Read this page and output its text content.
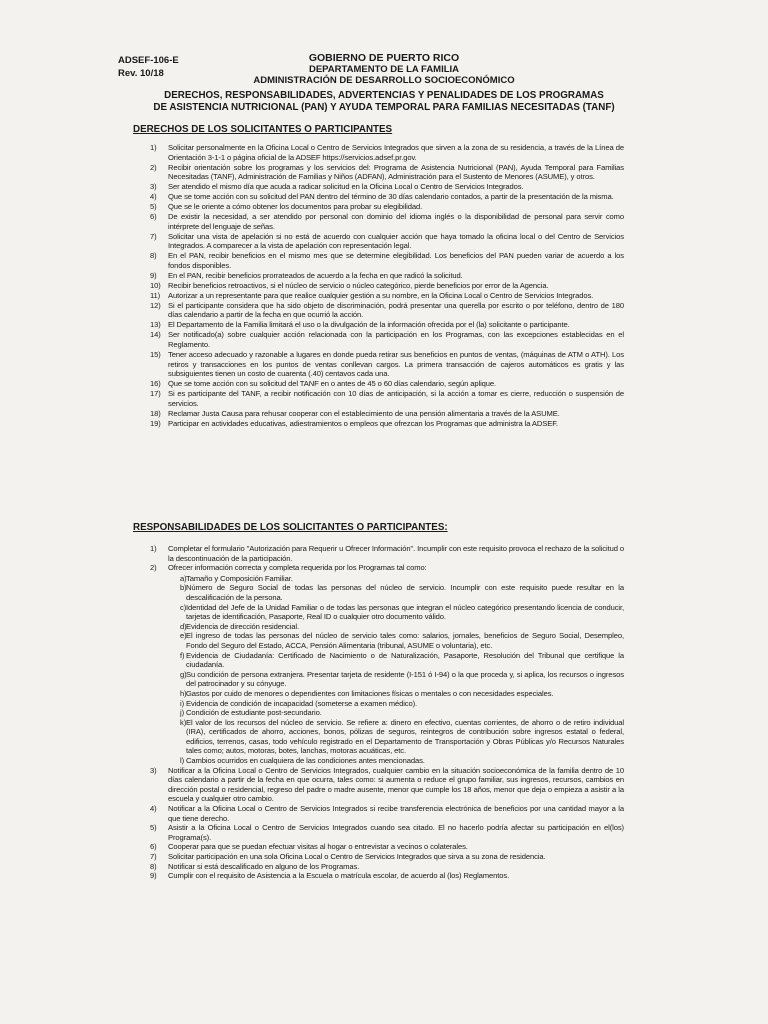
ADSEF-106-E
Rev. 10/18
GOBIERNO DE PUERTO RICO
DEPARTAMENTO DE LA FAMILIA
ADMINISTRACIÓN DE DESARROLLO SOCIOECONÓMICO
DERECHOS, RESPONSABILIDADES, ADVERTENCIAS Y PENALIDADES DE LOS PROGRAMAS
DE ASISTENCIA NUTRICIONAL (PAN) Y AYUDA TEMPORAL PARA FAMILIAS NECESITADAS (TANF)
DERECHOS DE LOS SOLICITANTES O PARTICIPANTES
1)	Solicitar personalmente en la Oficina Local o Centro de Servicios Integrados que sirven a la zona de su residencia, a través de la Línea de Orientación 3-1-1 o página oficial de la ADSEF https://servicios.adsef.pr.gov.
2)	Recibir orientación sobre los programas y los servicios del: Programa de Asistencia Nutricional (PAN), Ayuda Temporal para Familias Necesitadas (TANF), Administración de Familias y Niños (ADFAN), Administración para el Sustento de Menores (ASUME), y otros.
3)	Ser atendido el mismo día que acuda a radicar solicitud en la Oficina Local o Centro de Servicios Integrados.
4)	Que se tome acción con su solicitud del PAN dentro del término de 30 días calendario contados, a partir de la presentación de la misma.
5)	Que se le oriente a cómo obtener los documentos para probar su elegibilidad.
6)	De existir la necesidad, a ser atendido por personal con dominio del idioma inglés o la disponibilidad de personal para servir como intérprete del lenguaje de señas.
7)	Solicitar una vista de apelación si no está de acuerdo con cualquier acción que haya tomado la oficina local o del Centro de Servicios Integrados. A comparecer a la vista de apelación con representación legal.
8)	En el PAN, recibir beneficios en el mismo mes que se determine elegibilidad. Los beneficios del PAN pueden variar de acuerdo a los fondos disponibles.
9)	En el PAN, recibir beneficios prorrateados de acuerdo a la fecha en que radicó la solicitud.
10) Recibir beneficios retroactivos, si el núcleo de servicio o núcleo categórico, pierde beneficios por error de la Agencia.
11)	Autorizar a un representante para que realice cualquier gestión a su nombre, en la Oficina Local o Centro de Servicios Integrados.
12) Si el participante considera que ha sido objeto de discriminación, podrá presentar una querella por escrito o por teléfono, dentro de 180 días calendario a partir de la fecha en que ocurrió la acción.
13) El Departamento de la Familia limitará el uso o la divulgación de la información ofrecida por el (la) solicitante o participante.
14) Ser notificado(a) sobre cualquier acción relacionada con la participación en los Programas, con las excepciones establecidas en el Reglamento.
15) Tener acceso adecuado y razonable a lugares en donde pueda retirar sus beneficios en puntos de ventas, (máquinas de ATM o ATH). Los retiros y transacciones en los puntos de ventas conllevan cargos. La primera transacción de cajeros automáticos es gratis y las subsiguientes tienen un costo de cuarenta (.40) centavos cada una.
16) Que se tome acción con su solicitud del TANF en o antes de 45 o 60 días calendario, según aplique.
17) Si es participante del TANF, a recibir notificación con 10 días de anticipación, si la acción a tomar es cierre, reducción o suspensión de servicios.
18) Reclamar Justa Causa para rehusar cooperar con el establecimiento de una pensión alimentaria a través de la ASUME.
19) Participar en actividades educativas, adiestramientos o empleos que ofrezcan los Programas que administra la ADSEF.
RESPONSABILIDADES DE LOS SOLICITANTES O PARTICIPANTES:
1)	Completar el formulario "Autorización para Requerir u Ofrecer Información". Incumplir con este requisito provoca el rechazo de la solicitud o la descontinuación de la participación.
2)	Ofrecer información correcta y completa requerida por los Programas tal como:
a) Tamaño y Composición Familiar.
b) Número de Seguro Social de todas las personas del núcleo de servicio. Incumplir con este requisito puede resultar en la descalificación de la persona.
c) Identidad del Jefe de la Unidad Familiar o de todas las personas que integran el núcleo categórico presentando licencia de conducir, tarjetas de identificación, Pasaporte, Real ID o cualquier otro documento válido.
d) Evidencia de dirección residencial.
e) El ingreso de todas las personas del núcleo de servicio tales como: salarios, jornales, beneficios de Seguro Social, Desempleo, Fondo del Seguro del Estado, ACCA, Pensión Alimentaria (tribunal, ASUME o voluntaria), etc.
f) Evidencia de Ciudadanía: Certificado de Nacimiento o de Naturalización, Pasaporte, Resolución del Tribunal que certifique la ciudadanía.
g) Su condición de persona extranjera. Presentar tarjeta de residente (I-151 ó I-94) o la que proceda y, si aplica, los recursos o ingresos del patrocinador y su cónyuge.
h) Gastos por cuido de menores o dependientes con limitaciones físicas o mentales o con necesidades especiales.
i) Evidencia de condición de incapacidad (someterse a examen médico).
j) Condición de estudiante post-secundario.
k) El valor de los recursos del núcleo de servicio. Se refiere a: dinero en efectivo, cuentas corrientes, de ahorro o de retiro individual (IRA), certificados de ahorro, acciones, bonos, pólizas de seguros, reintegros de contribución sobre ingresos estatal o federal, edificios, terrenos, casas, todo vehículo registrado en el Departamento de Transportación y Obras Públicas y/o Recursos Naturales tales como; autos, motoras, botes, lanchas, motoras acuáticas, etc.
l) Cambios ocurridos en cualquiera de las condiciones antes mencionadas.
3)	Notificar a la Oficina Local o Centro de Servicios Integrados, cualquier cambio en la situación socioeconómica de la familia dentro de 10 días calendario a partir de la fecha en que ocurra, tales como: si aumenta o reduce el grupo familiar, sus ingresos, recursos, cambios en dirección postal o residencial, regreso del padre o madre ausente, menor que cumple los 18 años, menor que deja o empieza a asistir a la escuela y cualquier otro cambio.
4)	Notificar a la Oficina Local o Centro de Servicios Integrados si recibe transferencia electrónica de beneficios por una cantidad mayor a la que tiene derecho.
5)	Asistir a la Oficina Local o Centro de Servicios Integrados cuando sea citado. El no hacerlo podría afectar su participación en el(los) Programa(s).
6)	Cooperar para que se puedan efectuar visitas al hogar o entrevistar a vecinos o colaterales.
7)	Solicitar participación en una sola Oficina Local o Centro de Servicios Integrados que sirva a su zona de residencia.
8)	Notificar si está descalificado en alguno de los Programas.
9)	Cumplir con el requisito de Asistencia a la Escuela o matrícula escolar, de acuerdo al (los) Reglamentos.
